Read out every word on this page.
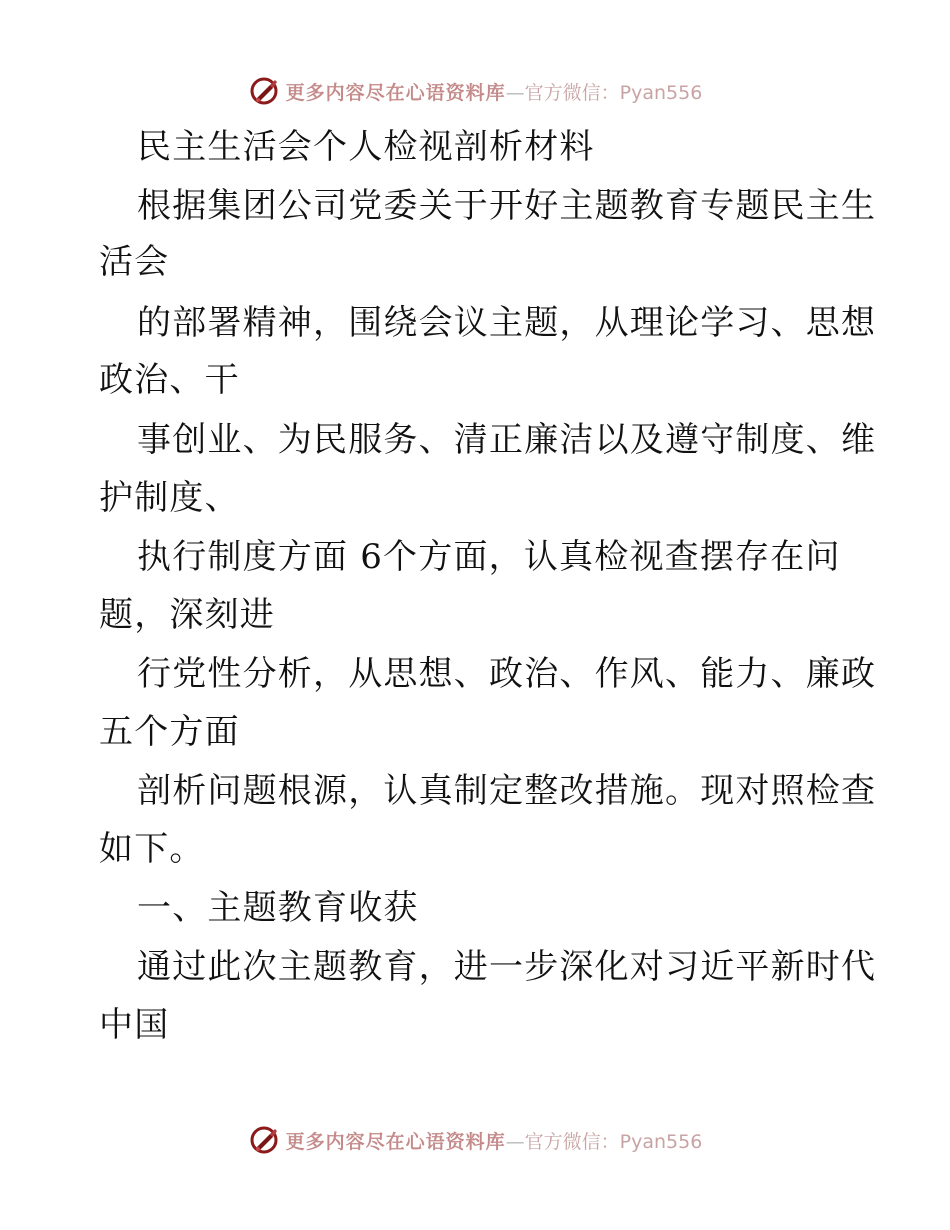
更多内容尽在心语资料库—官方微信：Pyan556
民主生活会个人检视剖析材料
根据集团公司党委关于开好主题教育专题民主生
活会
的部署精神，围绕会议主题，从理论学习、思想
政治、干
事创业、为民服务、清正廉洁以及遵守制度、维
护制度、
执行制度方面 6个方面，认真检视查摆存在问
题，深刻进
行党性分析，从思想、政治、作风、能力、廉政
五个方面
剖析问题根源，认真制定整改措施。现对照检查
如下。
一、主题教育收获
通过此次主题教育，进一步深化对习近平新时代
中国
更多内容尽在心语资料库—官方微信：Pyan556
